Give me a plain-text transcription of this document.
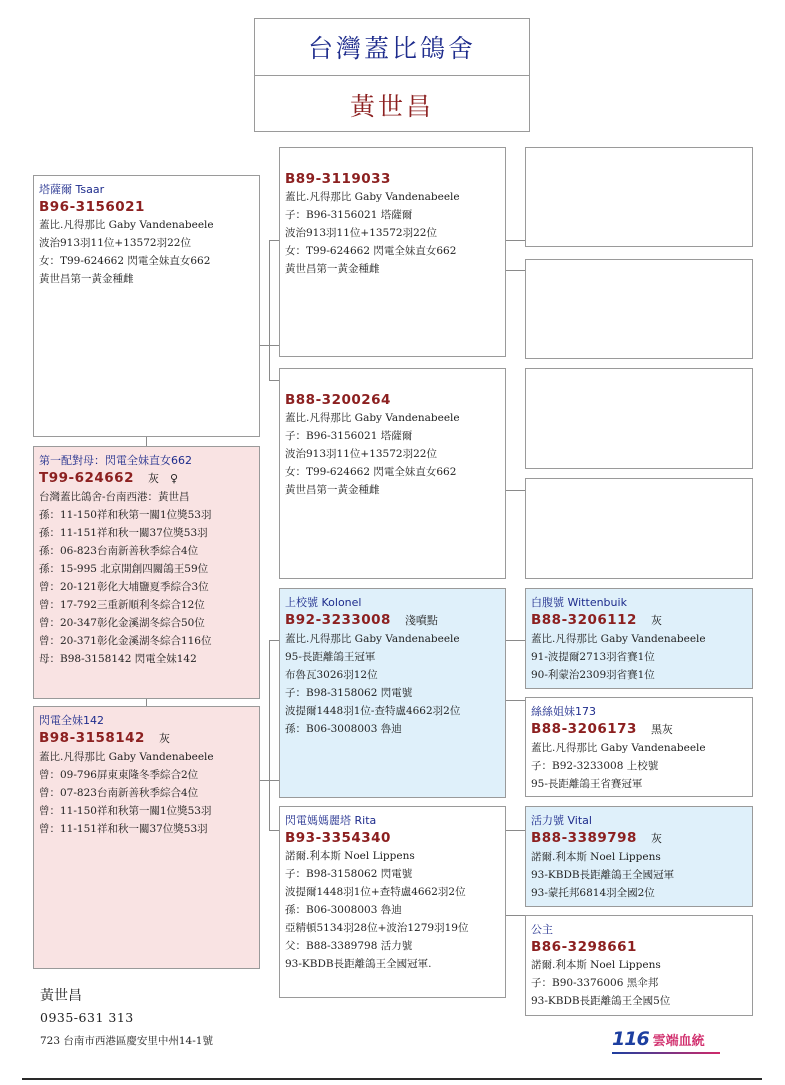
台灣蓋比鴿舍
黃世昌
塔薩爾 Tsaar
B96-3156021
蓋比.凡得那比 Gaby Vandenabeele
波治913羽11位+13572羽22位
女：T99-624662 閃電全妹直女662
黃世昌第一黃金種雌
第一配對母：閃電全妹直女662
T99-624662 灰　♀
台灣蓋比鴿舍-台南西港：黃世昌
孫：11-150祥和秋第一關1位獎53羽
孫：11-151祥和秋一關37位獎53羽
孫：06-823台南新善秋季綜合4位
孫：15-995 北京開創四關鴿王59位
曾：20-121彰化大埔鹽夏季綜合3位
曾：17-792三重新順利冬綜合12位
曾：20-347彰化金溪湖冬綜合50位
曾：20-371彰化金溪湖冬綜合116位
母：B98-3158142 閃電全妹142
閃電全妹142
B98-3158142 灰
蓋比.凡得那比 Gaby Vandenabeele
曾：09-796屏東東隆冬季綜合2位
曾：07-823台南新善秋季綜合4位
曾：11-150祥和秋第一關1位獎53羽
曾：11-151祥和秋一關37位獎53羽
B89-3119033
蓋比.凡得那比 Gaby Vandenabeele
子：B96-3156021 塔薩爾
波治913羽11位+13572羽22位
女：T99-624662 閃電全妹直女662
黃世昌第一黃金種雌
B88-3200264
蓋比.凡得那比 Gaby Vandenabeele
子：B96-3156021 塔薩爾
波治913羽11位+13572羽22位
女：T99-624662 閃電全妹直女662
黃世昌第一黃金種雌
上校號 Kolonel
B92-3233008 淺噴點
蓋比.凡得那比 Gaby Vandenabeele
95-長距離鴿王冠軍
布魯瓦3026羽12位
子：B98-3158062 閃電號
波提爾1448羽1位-查特盧4662羽2位
孫：B06-3008003 魯迪
閃電媽媽麗塔 Rita
B93-3354340
諾爾.利本斯 Noel Lippens
子：B98-3158062 閃電號
波提爾1448羽1位+查特盧4662羽2位
孫：B06-3008003 魯迪
亞精頓5134羽28位+波治1279羽19位
父：B88-3389798 活力號
93-KBDB長距離鴿王全國冠軍.
白腹號 Wittenbuik
B88-3206112 灰
蓋比.凡得那比 Gaby Vandenabeele
91-波提爾2713羽省賽1位
90-利蒙治2309羽省賽1位
絲絲姐妹173
B88-3206173 黑灰
蓋比.凡得那比 Gaby Vandenabeele
子：B92-3233008 上校號
95-長距離鴿王省賽冠軍
活力號 Vital
B88-3389798 灰
諾爾.利本斯 Noel Lippens
93-KBDB長距離鴿王全國冠軍
93-蒙托邦6814羽全國2位
公主
B86-3298661
諾爾.利本斯 Noel Lippens
子：B90-3376006 黑伞邦
93-KBDB長距離鴿王全國5位
黃世昌
0935-631 313
723 台南市西港區慶安里中州14-1號	116 雲端血統
